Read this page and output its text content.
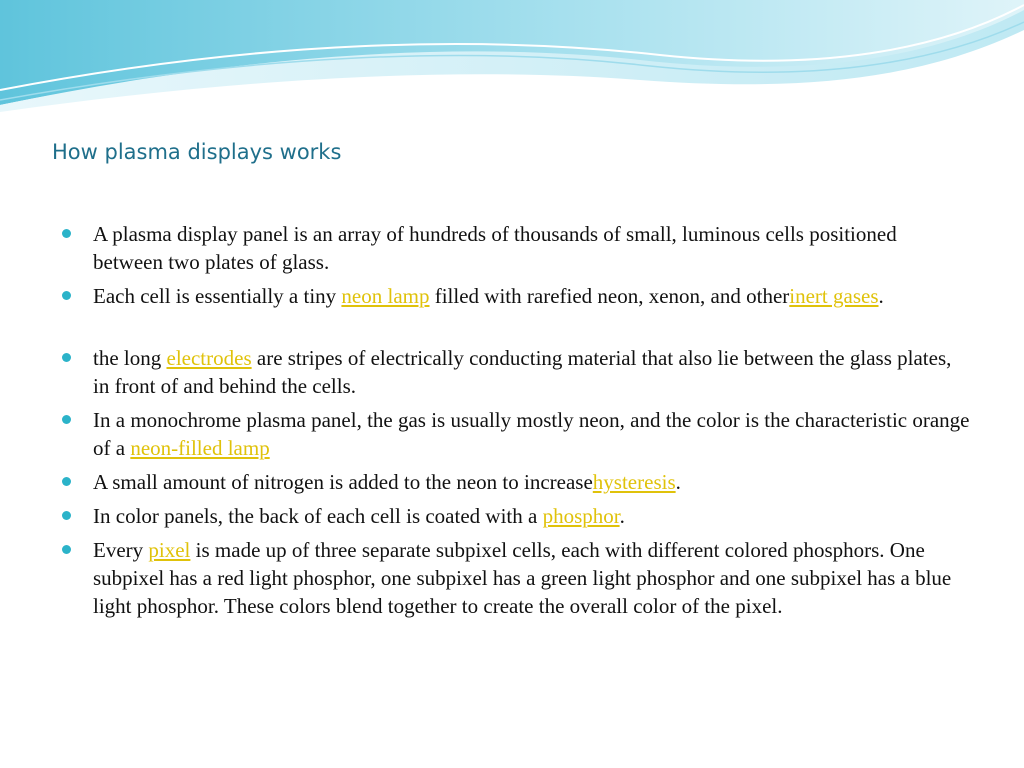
How plasma displays works
A plasma display panel is an array of hundreds of thousands of small, luminous cells positioned between two plates of glass.
Each cell is essentially a tiny neon lamp filled with rarefied neon, xenon, and otherinert gases.
the long electrodes are stripes of electrically conducting material that also lie between the glass plates, in front of and behind the cells.
In a monochrome plasma panel, the gas is usually mostly neon, and the color is the characteristic orange of a neon-filled lamp
A small amount of nitrogen is added to the neon to increasehysteresis.
In color panels, the back of each cell is coated with a phosphor.
Every pixel is made up of three separate subpixel cells, each with different colored phosphors. One subpixel has a red light phosphor, one subpixel has a green light phosphor and one subpixel has a blue light phosphor. These colors blend together to create the overall color of the pixel.
